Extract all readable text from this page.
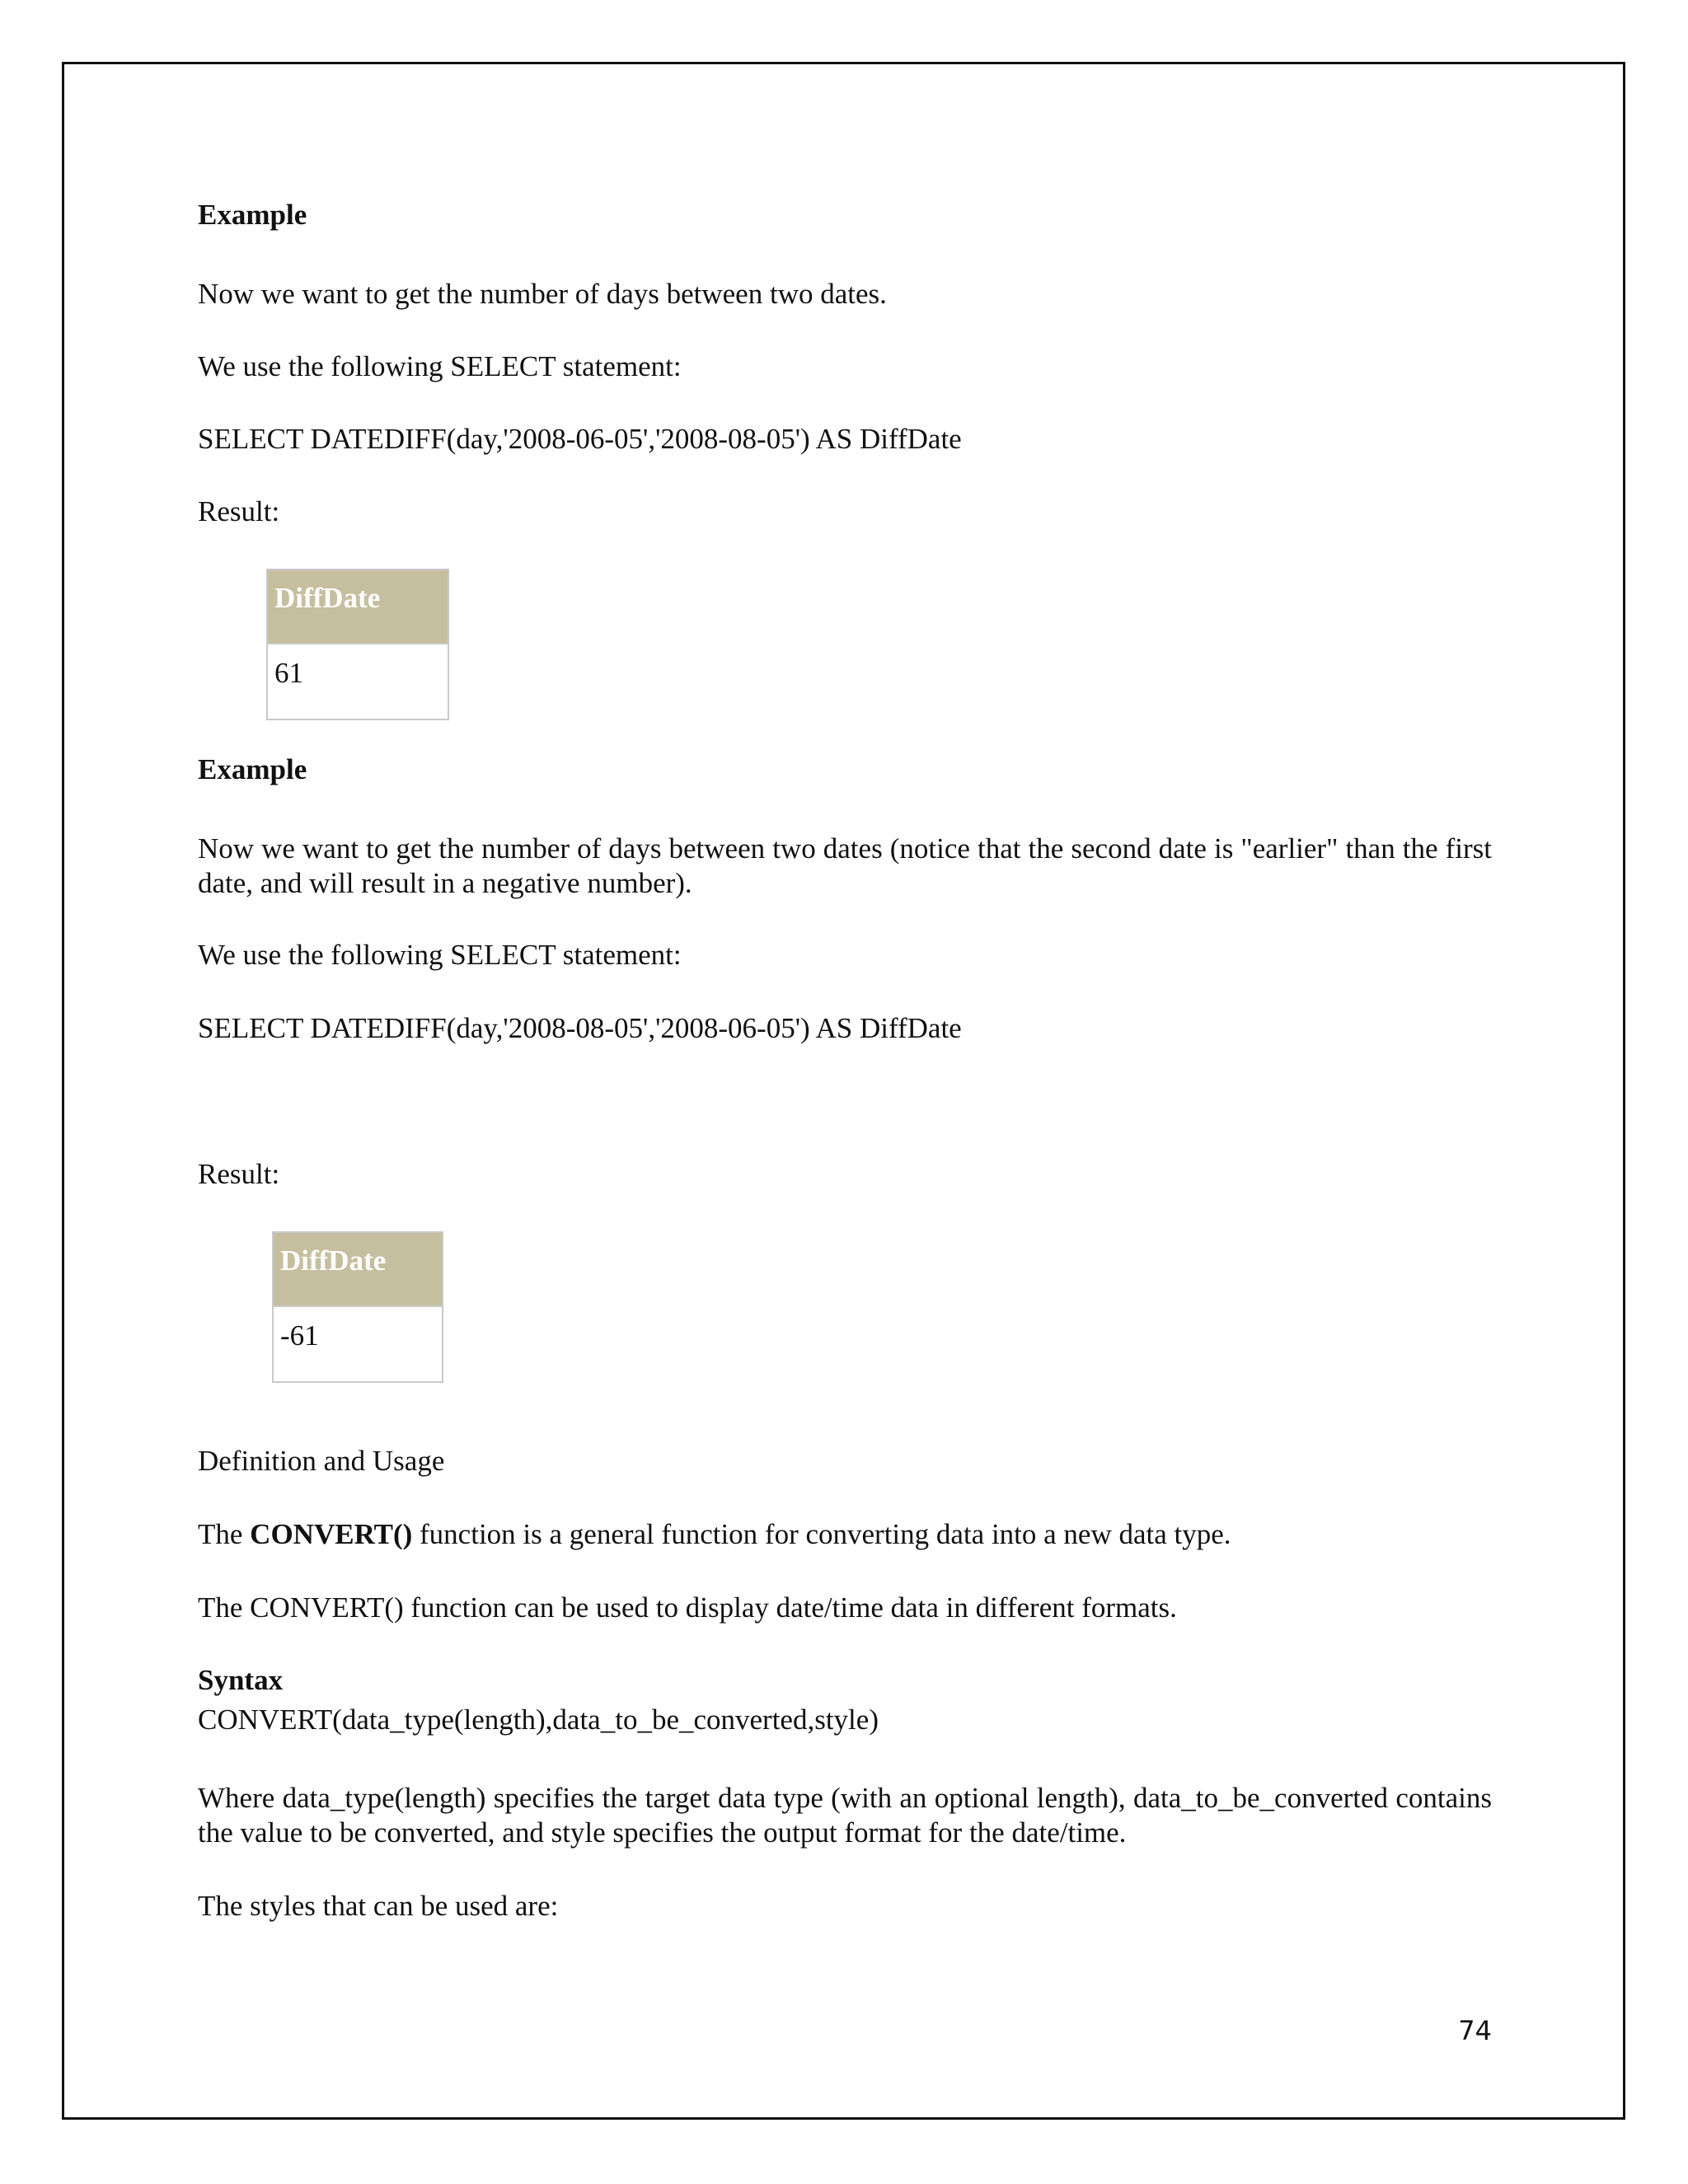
Example
Now we want to get the number of days between two dates.
We use the following SELECT statement:
SELECT DATEDIFF(day,'2008-06-05','2008-08-05') AS DiffDate
Result:
DiffDate

61
Example
Now we want to get the number of days between two dates (notice that the second date is "earlier" than the first date, and will result in a negative number).
We use the following SELECT statement:
SELECT DATEDIFF(day,'2008-08-05','2008-06-05') AS DiffDate
Result:
DiffDate

-61
Definition and Usage
The CONVERT() function is a general function for converting data into a new data type.
The CONVERT() function can be used to display date/time data in different formats.
Syntax
CONVERT(data_type(length),data_to_be_converted,style)
Where data_type(length) specifies the target data type (with an optional length), data_to_be_converted contains the value to be converted, and style specifies the output format for the date/time.
The styles that can be used are:
74
